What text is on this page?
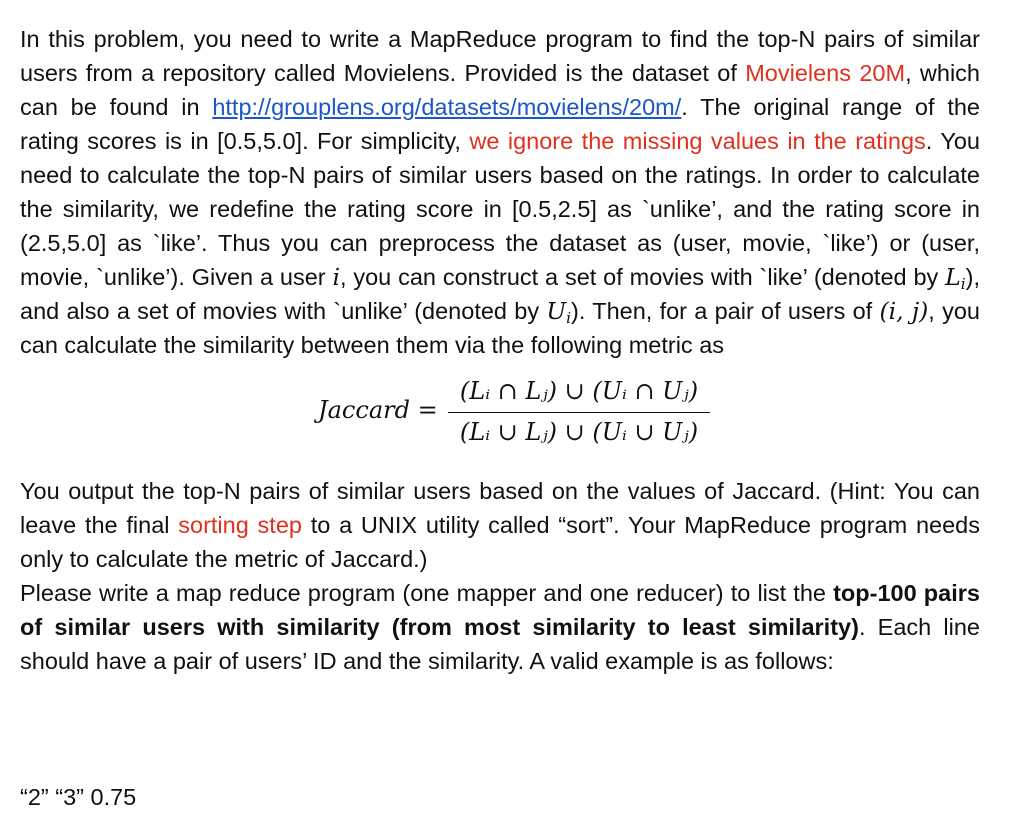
In this problem, you need to write a MapReduce program to find the top-N pairs of similar users from a repository called Movielens. Provided is the dataset of Movielens 20M, which can be found in http://grouplens.org/datasets/movielens/20m/. The original range of the rating scores is in [0.5,5.0]. For simplicity, we ignore the missing values in the ratings. You need to calculate the top-N pairs of similar users based on the ratings. In order to calculate the similarity, we redefine the rating score in [0.5,2.5] as `unlike’, and the rating score in (2.5,5.0] as `like’. Thus you can preprocess the dataset as (user, movie, `like’) or (user, movie, `unlike’). Given a user i, you can construct a set of movies with `like’ (denoted by $L_i$), and also a set of movies with `unlike’ (denoted by $U_i$). Then, for a pair of users of (i, j), you can calculate the similarity between them via the following metric as

Jaccard =
(Lᵢ ∩ Lⱼ) ∪ (Uᵢ ∩ Uⱼ)
(Lᵢ ∪ Lⱼ) ∪ (Uᵢ ∪ Uⱼ)

You output the top-N pairs of similar users based on the values of Jaccard. (Hint: You can leave the final sorting step to a UNIX utility called “sort”. Your MapReduce program needs only to calculate the metric of Jaccard.)

Please write a map reduce program (one mapper and one reducer) to list the top-100 pairs of similar users with similarity (from most similarity to least similarity). Each line should have a pair of users’ ID and the similarity. A valid example is as follows:

“2” “3” 0.75
